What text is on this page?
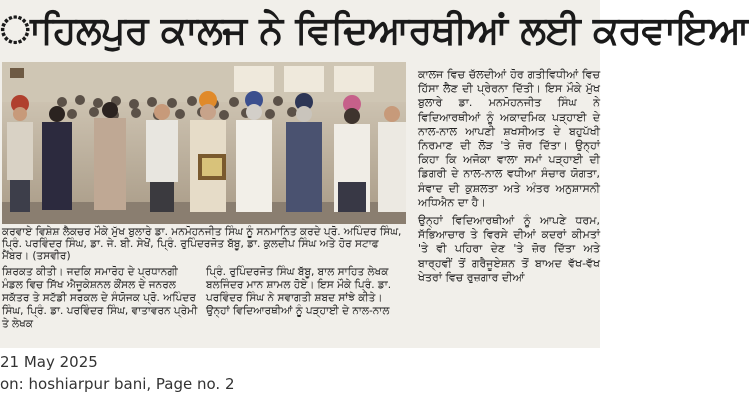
ਾਹਿਲਪੁਰ ਕਾਲਜ ਨੇ ਵਿਦਿਆਰਥੀਆਂ ਲਈ ਕਰਵਾਇਆ
ਕਰਵਾਏ ਵਿਸ਼ੇਸ਼ ਲੈਕਚਰ ਮੌਕੇ ਮੁੱਖ ਬੁਲਾਰੇ ਡਾ. ਮਨਮੋਹਨਜੀਤ ਸਿੰਘ ਨੂੰ ਸਨਮਾਨਿਤ ਕਰਦੇ ਪ੍ਰੋ. ਅਪਿੰਦਰ ਸਿੰਘ, ਪ੍ਰਿੰ. ਪਰਵਿੰਦਰ ਸਿੰਘ, ਡਾ. ਜੇ. ਬੀ. ਸੇਖੋਂ, ਪ੍ਰਿੰ. ਰੁਪਿੰਦਰਜੋਤ ਬੱਬੂ, ਡਾ. ਕੁਲਦੀਪ ਸਿੰਘ ਅਤੇ ਹੋਰ ਸਟਾਫ ਮੈਂਬਰ। (ਤਸਵੀਰ)

ਕਾਲਜ ਵਿਚ ਚੱਲਦੀਆਂ ਹੋਰ ਗਤੀਵਿਧੀਆਂ ਵਿਚ ਹਿੱਸਾ ਲੈਣ ਦੀ ਪ੍ਰੇਰਨਾ ਦਿੱਤੀ। ਇਸ ਮੌਕੇ ਮੁੱਖ ਬੁਲਾਰੇ ਡਾ. ਮਨਮੋਹਨਜੀਤ ਸਿੰਘ ਨੇ ਵਿਦਿਆਰਥੀਆਂ ਨੂੰ ਅਕਾਦਮਿਕ ਪੜ੍ਹਾਈ ਦੇ ਨਾਲ-ਨਾਲ ਆਪਣੀ ਸ਼ਖਸੀਅਤ ਦੇ ਬਹੁਪੱਖੀ ਨਿਰਮਾਣ ਦੀ ਲੋੜ 'ਤੇ ਜ਼ੋਰ ਦਿੱਤਾ। ਉਨ੍ਹਾਂ ਕਿਹਾ ਕਿ ਅਜੋਕਾ ਵਾਲਾ ਸਮਾਂ ਪੜ੍ਹਾਈ ਦੀ ਡਿਗਰੀ ਦੇ ਨਾਲ-ਨਾਲ ਵਧੀਆ ਸੰਚਾਰ ਯੋਗਤਾ, ਸੰਵਾਦ ਦੀ ਕੁਸ਼ਲਤਾ ਅਤੇ ਅੰਤਰ ਅਨੁਸ਼ਾਸਨੀ ਅਧਿਐਨ ਦਾ ਹੈ।

ਉਨ੍ਹਾਂ ਵਿਦਿਆਰਥੀਆਂ ਨੂੰ ਆਪਣੇ ਧਰਮ, ਸੱਭਿਆਚਾਰ ਤੇ ਵਿਰਸੇ ਦੀਆਂ ਕਦਰਾਂ ਕੀਮਤਾਂ 'ਤੇ ਵੀ ਪਹਿਰਾ ਦੇਣ 'ਤੇ ਜ਼ੋਰ ਦਿੱਤਾ ਅਤੇ ਬਾਰ੍ਹਵੀਂ ਤੋਂ ਗਰੈਜੂਏਸ਼ਨ ਤੋਂ ਬਾਅਦ ਵੱਖ-ਵੱਖ ਖੇਤਰਾਂ ਵਿਚ ਰੁਜ਼ਗਾਰ ਦੀਆਂ

ਸ਼ਿਰਕਤ ਕੀਤੀ। ਜਦਕਿ ਸਮਾਰੋਹ ਦੇ ਪ੍ਰਧਾਨਗੀ ਮੰਡਲ ਵਿਚ ਸਿੱਖ ਐਜੂਕੇਸ਼ਨਲ ਕੌਂਸਲ ਦੇ ਜਨਰਲ ਸਕੱਤਰ ਤੇ ਸਟੱਡੀ ਸਰਕਲ ਦੇ ਸੰਯੋਜਕ ਪ੍ਰੋ. ਅਪਿੰਦਰ ਸਿੰਘ, ਪ੍ਰਿੰ. ਡਾ. ਪਰਵਿੰਦਰ ਸਿੰਘ, ਵਾਤਾਵਰਨ ਪ੍ਰੇਮੀ ਤੇ ਲੇਖਕ
ਪ੍ਰਿੰ. ਰੁਪਿੰਦਰਜੋਤ ਸਿੰਘ ਬੱਬੂ, ਬਾਲ ਸਾਹਿਤ ਲੇਖਕ ਬਲਜਿੰਦਰ ਮਾਨ ਸ਼ਾਮਲ ਹੋਏ। ਇਸ ਮੌਕੇ ਪ੍ਰਿੰ. ਡਾ. ਪਰਵਿੰਦਰ ਸਿੰਘ ਨੇ ਸਵਾਗਤੀ ਸ਼ਬਦ ਸਾਂਝੇ ਕੀਤੇ। ਉਨ੍ਹਾਂ ਵਿਦਿਆਰਥੀਆਂ ਨੂੰ ਪੜ੍ਹਾਈ ਦੇ ਨਾਲ-ਨਾਲ
21 May 2025
on: hoshiarpur bani, Page no. 2
